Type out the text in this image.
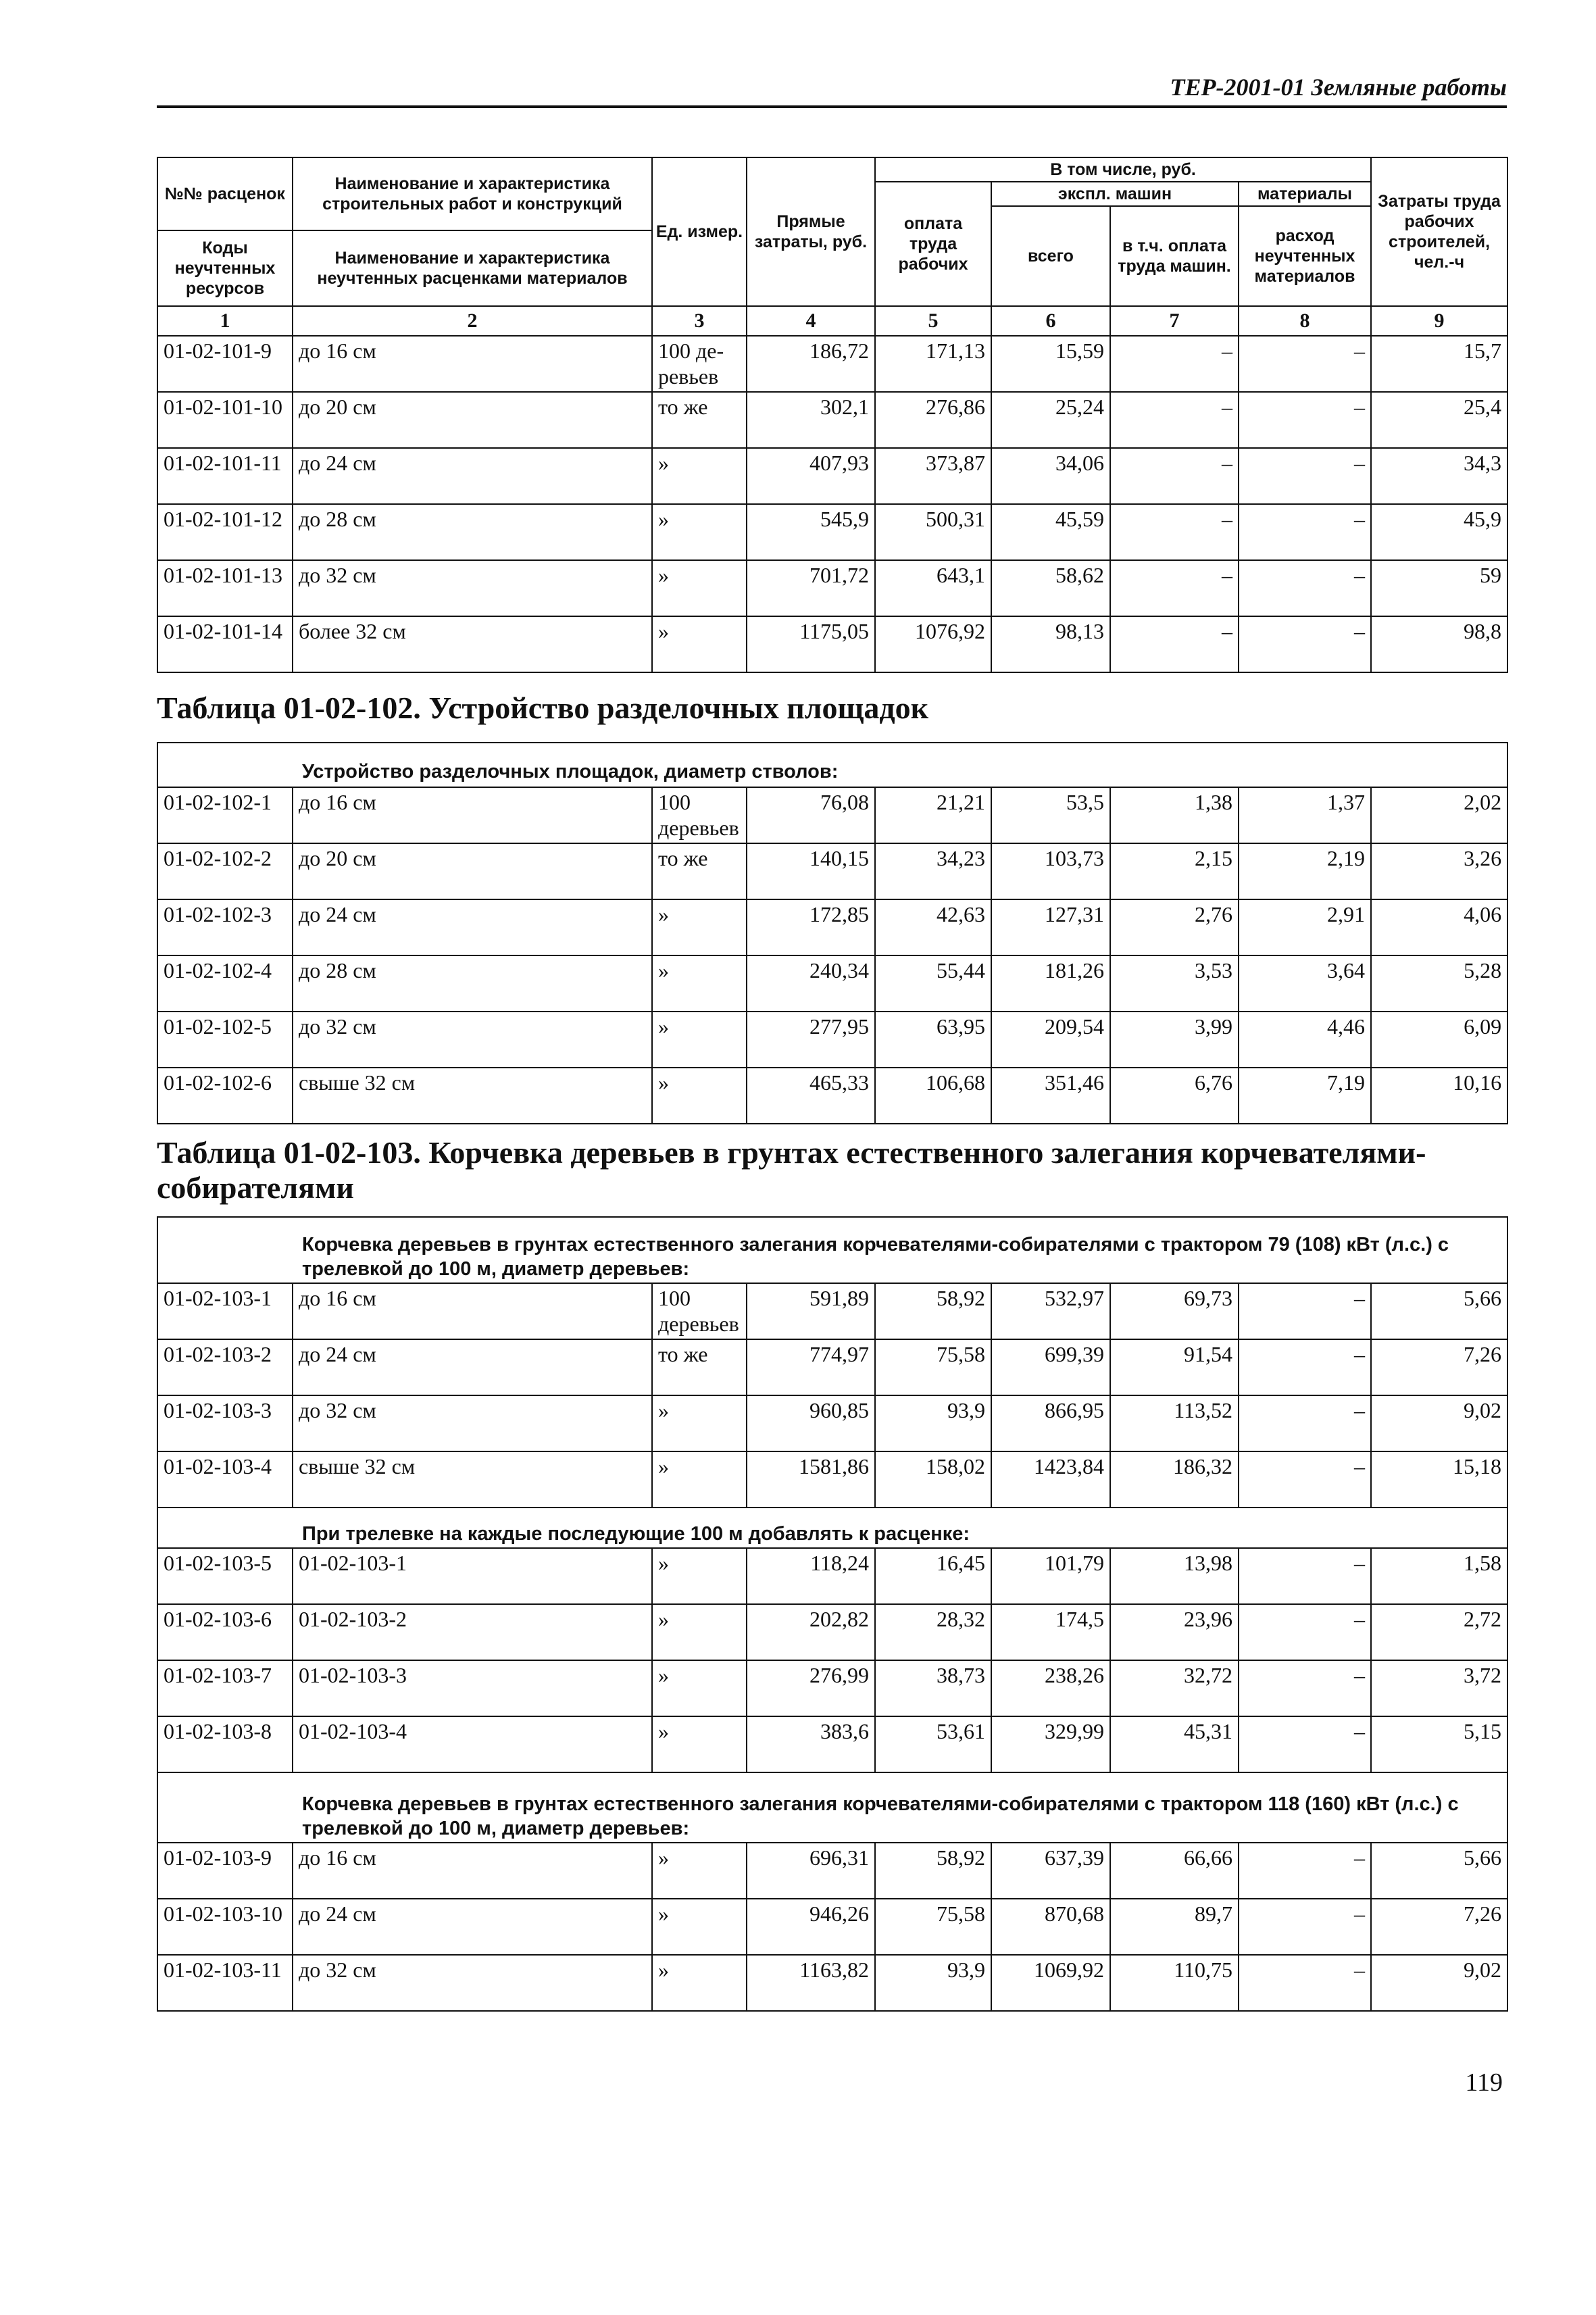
ТЕР-2001-01 Земляные работы
№№ расценок	Наименование и характеристика строительных работ и конструкций	Ед. измер.	Прямые затраты, руб.	В том числе, руб.				Затраты труда рабочих строителей, чел.-ч
				оплата труда рабочих	экспл. машин		материалы	
					всего	в т.ч. оплата труда машин.	расход неучтенных материалов	
Коды неучтенных ресурсов	Наименование и характеристика неучтенных расценками материалов							
1	2	3	4	5	6	7	8	9
01-02-101-9	до 16 см	100 де-ревьев	186,72	171,13	15,59	–	–	15,7
01-02-101-10	до 20 см	то же	302,1	276,86	25,24	–	–	25,4
01-02-101-11	до 24 см	»	407,93	373,87	34,06	–	–	34,3
01-02-101-12	до 28 см	»	545,9	500,31	45,59	–	–	45,9
01-02-101-13	до 32 см	»	701,72	643,1	58,62	–	–	59
01-02-101-14	более 32 см	»	1175,05	1076,92	98,13	–	–	98,8
Таблица 01-02-102. Устройство разделочных площадок
	Устройство разделочных площадок, диаметр стволов:							
01-02-102-1	до 16 см	100 деревьев	76,08	21,21	53,5	1,38	1,37	2,02
01-02-102-2	до 20 см	то же	140,15	34,23	103,73	2,15	2,19	3,26
01-02-102-3	до 24 см	»	172,85	42,63	127,31	2,76	2,91	4,06
01-02-102-4	до 28 см	»	240,34	55,44	181,26	3,53	3,64	5,28
01-02-102-5	до 32 см	»	277,95	63,95	209,54	3,99	4,46	6,09
01-02-102-6	свыше 32 см	»	465,33	106,68	351,46	6,76	7,19	10,16
Таблица 01-02-103. Корчевка деревьев в грунтах естественного залегания корчевателями-собирателями
	Корчевка деревьев в грунтах естественного залегания корчевателями-собирателями с трактором 79 (108) кВт (л.с.) с трелевкой до 100 м, диаметр деревьев:							
01-02-103-1	до 16 см	100 деревьев	591,89	58,92	532,97	69,73	–	5,66
01-02-103-2	до 24 см	то же	774,97	75,58	699,39	91,54	–	7,26
01-02-103-3	до 32 см	»	960,85	93,9	866,95	113,52	–	9,02
01-02-103-4	свыше 32 см	»	1581,86	158,02	1423,84	186,32	–	15,18
	При трелевке на каждые последующие 100 м добавлять к расценке:							
01-02-103-5	01-02-103-1	»	118,24	16,45	101,79	13,98	–	1,58
01-02-103-6	01-02-103-2	»	202,82	28,32	174,5	23,96	–	2,72
01-02-103-7	01-02-103-3	»	276,99	38,73	238,26	32,72	–	3,72
01-02-103-8	01-02-103-4	»	383,6	53,61	329,99	45,31	–	5,15
	Корчевка деревьев в грунтах естественного залегания корчевателями-собирателями с трактором 118 (160) кВт (л.с.) с трелевкой до 100 м, диаметр деревьев:							
01-02-103-9	до 16 см	»	696,31	58,92	637,39	66,66	–	5,66
01-02-103-10	до 24 см	»	946,26	75,58	870,68	89,7	–	7,26
01-02-103-11	до 32 см	»	1163,82	93,9	1069,92	110,75	–	9,02
119
